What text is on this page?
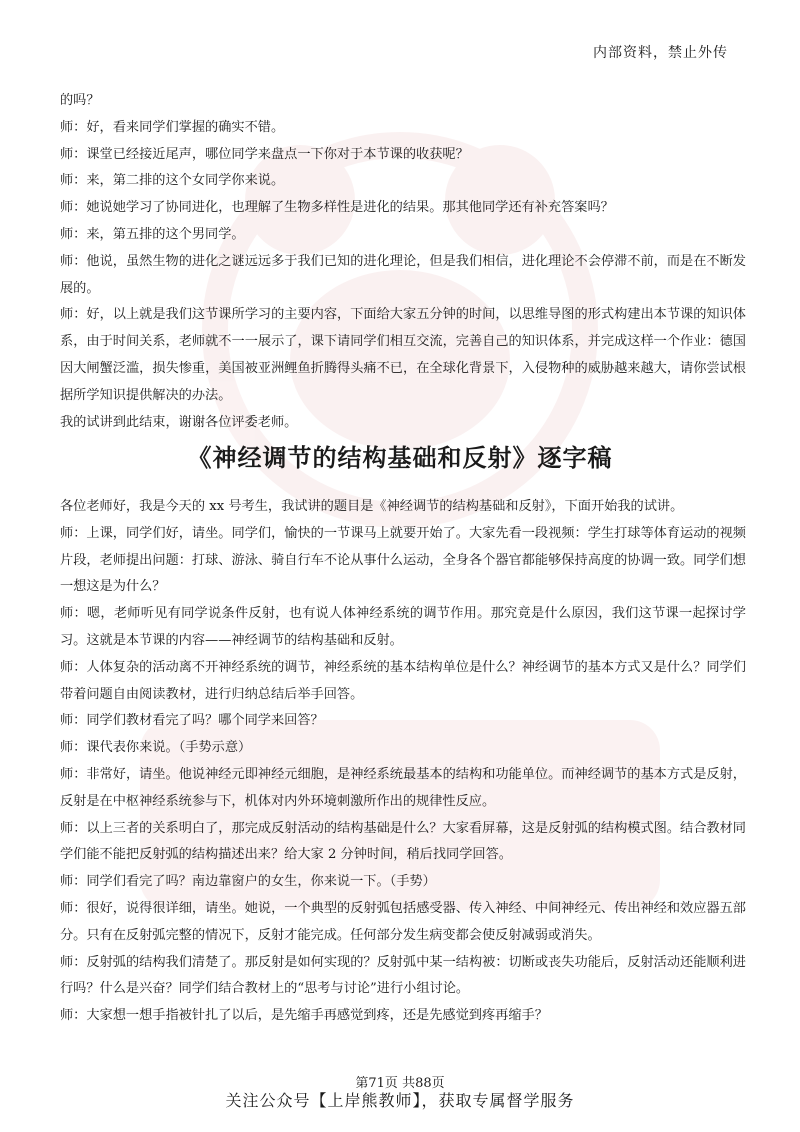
内部资料，禁止外传

的吗？

师：好，看来同学们掌握的确实不错。

师：课堂已经接近尾声，哪位同学来盘点一下你对于本节课的收获呢？

师：来，第二排的这个女同学你来说。

师：她说她学习了协同进化，也理解了生物多样性是进化的结果。那其他同学还有补充答案吗？

师：来，第五排的这个男同学。

师：他说，虽然生物的进化之谜远远多于我们已知的进化理论，但是我们相信，进化理论不会停滞不前，而是在不断发展的。

师：好，以上就是我们这节课所学习的主要内容，下面给大家五分钟的时间，以思维导图的形式构建出本节课的知识体系，由于时间关系，老师就不一一展示了，课下请同学们相互交流，完善自己的知识体系，并完成这样一个作业：德国因大闸蟹泛滥，损失惨重，美国被亚洲鲤鱼折腾得头痛不已，在全球化背景下，入侵物种的威胁越来越大，请你尝试根据所学知识提供解决的办法。

我的试讲到此结束，谢谢各位评委老师。

《神经调节的结构基础和反射》逐字稿

各位老师好，我是今天的 xx 号考生，我试讲的题目是《神经调节的结构基础和反射》，下面开始我的试讲。

师：上课，同学们好，请坐。同学们，愉快的一节课马上就要开始了。大家先看一段视频：学生打球等体育运动的视频片段，老师提出问题：打球、游泳、骑自行车不论从事什么运动，全身各个器官都能够保持高度的协调一致。同学们想一想这是为什么？

师：嗯，老师听见有同学说条件反射，也有说人体神经系统的调节作用。那究竟是什么原因，我们这节课一起探讨学习。这就是本节课的内容——神经调节的结构基础和反射。

师：人体复杂的活动离不开神经系统的调节，神经系统的基本结构单位是什么？神经调节的基本方式又是什么？同学们带着问题自由阅读教材，进行归纳总结后举手回答。

师：同学们教材看完了吗？哪个同学来回答？

师：课代表你来说。（手势示意）

师：非常好，请坐。他说神经元即神经元细胞，是神经系统最基本的结构和功能单位。而神经调节的基本方式是反射，反射是在中枢神经系统参与下，机体对内外环境刺激所作出的规律性反应。

师：以上三者的关系明白了，那完成反射活动的结构基础是什么？大家看屏幕，这是反射弧的结构模式图。结合教材同学们能不能把反射弧的结构描述出来？给大家 2 分钟时间，稍后找同学回答。

师：同学们看完了吗？南边靠窗户的女生，你来说一下。（手势）

师：很好，说得很详细，请坐。她说，一个典型的反射弧包括感受器、传入神经、中间神经元、传出神经和效应器五部分。只有在反射弧完整的情况下，反射才能完成。任何部分发生病变都会使反射减弱或消失。

师：反射弧的结构我们清楚了。那反射是如何实现的？反射弧中某一结构被：切断或丧失功能后，反射活动还能顺利进行吗？什么是兴奋？同学们结合教材上的“思考与讨论”进行小组讨论。

师：大家想一想手指被针扎了以后，是先缩手再感觉到疼，还是先感觉到疼再缩手？

第71页 共88页
关注公众号【上岸熊教师】，获取专属督学服务
